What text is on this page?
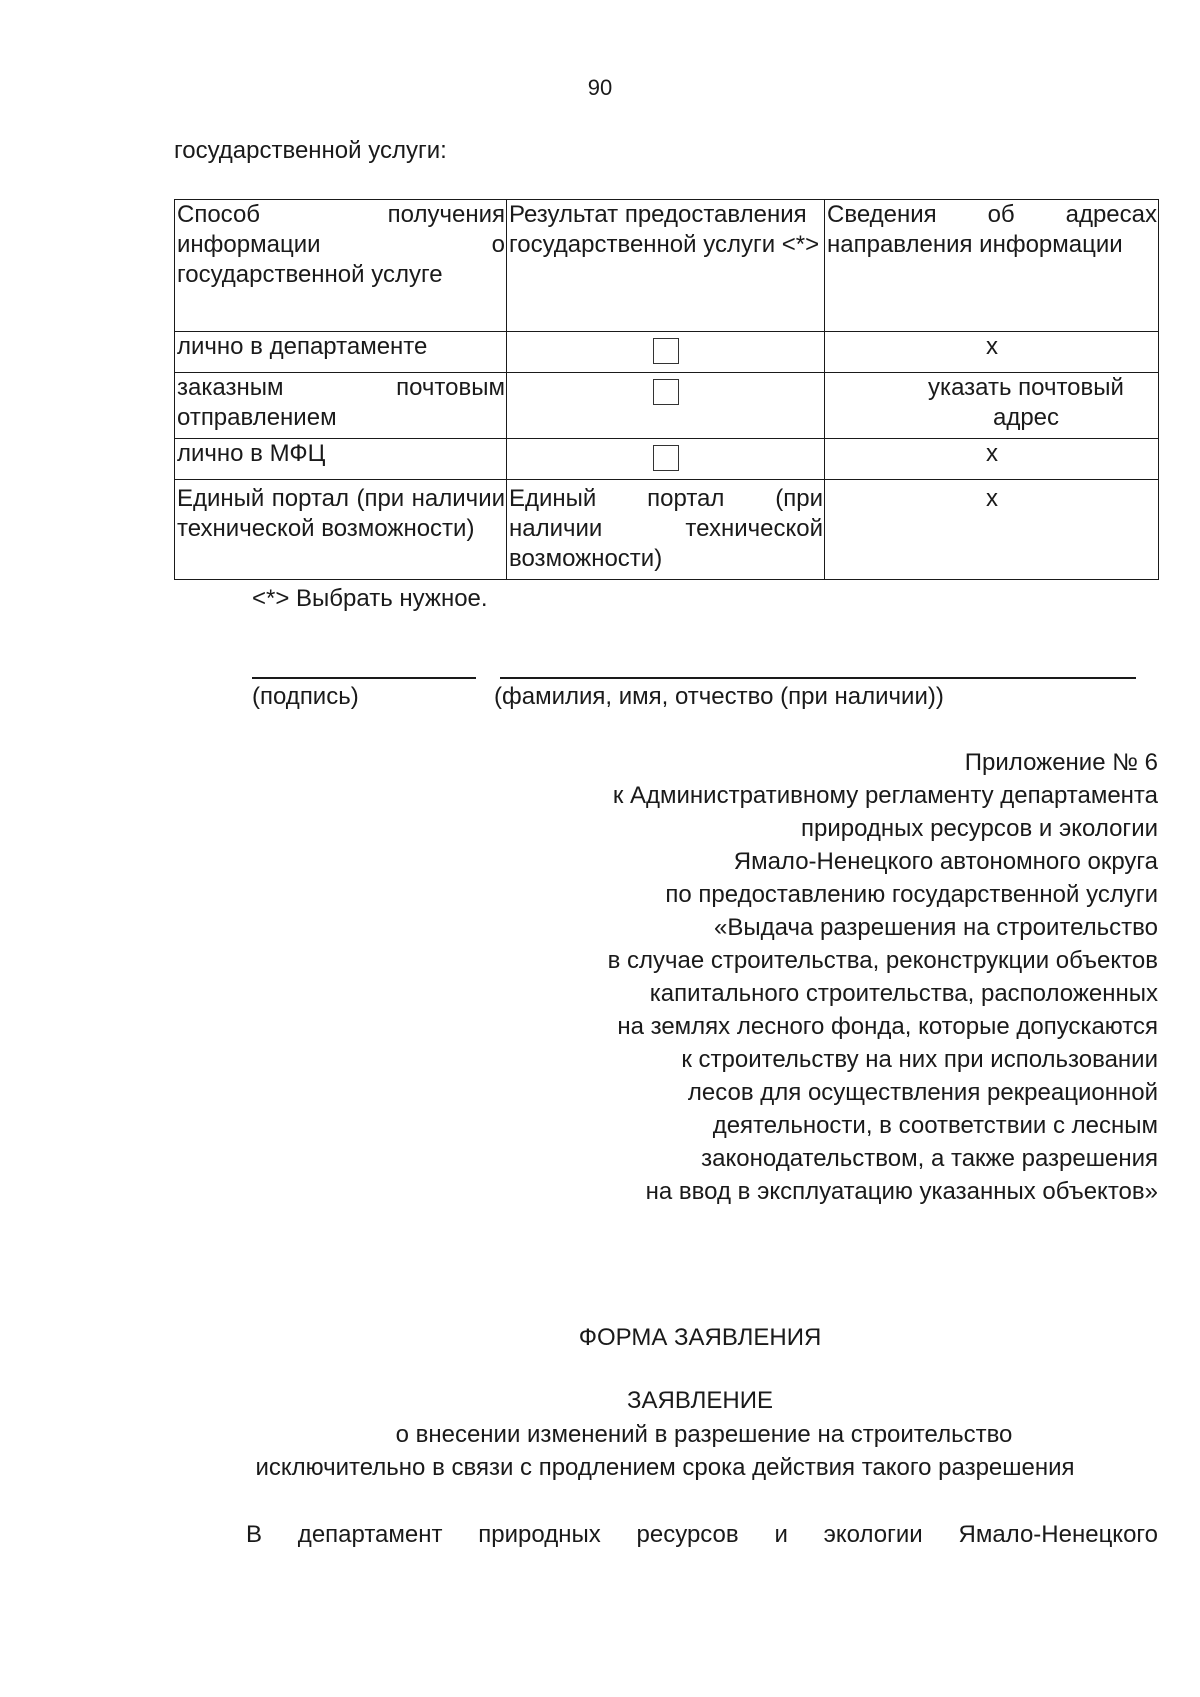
90
государственной услуги:
Способ получения информации о государственной услуге	Результат предоставления государственной услуги <*>	Сведения об адресах направления информации
лично в департаменте		x
заказным почтовым отправлением		указать почтовый адрес
лично в МФЦ		x
Единый портал (при наличии технической возможности)	Единый портал (при наличии технической возможности)	x
<*> Выбрать нужное.
(подпись)	(фамилия, имя, отчество (при наличии))
Приложение № 6
к Административному регламенту департамента
природных ресурсов и экологии
Ямало-Ненецкого автономного округа
по предоставлению государственной услуги
«Выдача разрешения на строительство
в случае строительства, реконструкции объектов
капитального строительства, расположенных
на землях лесного фонда, которые допускаются
к строительству на них при использовании
лесов для осуществления рекреационной
деятельности, в соответствии с лесным
законодательством, а также разрешения
на ввод в эксплуатацию указанных объектов»
ФОРМА ЗАЯВЛЕНИЯ
ЗАЯВЛЕНИЕ
о внесении изменений в разрешение на строительство
исключительно в связи с продлением срока действия такого разрешения
В департамент природных ресурсов и экологии Ямало-Ненецкого
